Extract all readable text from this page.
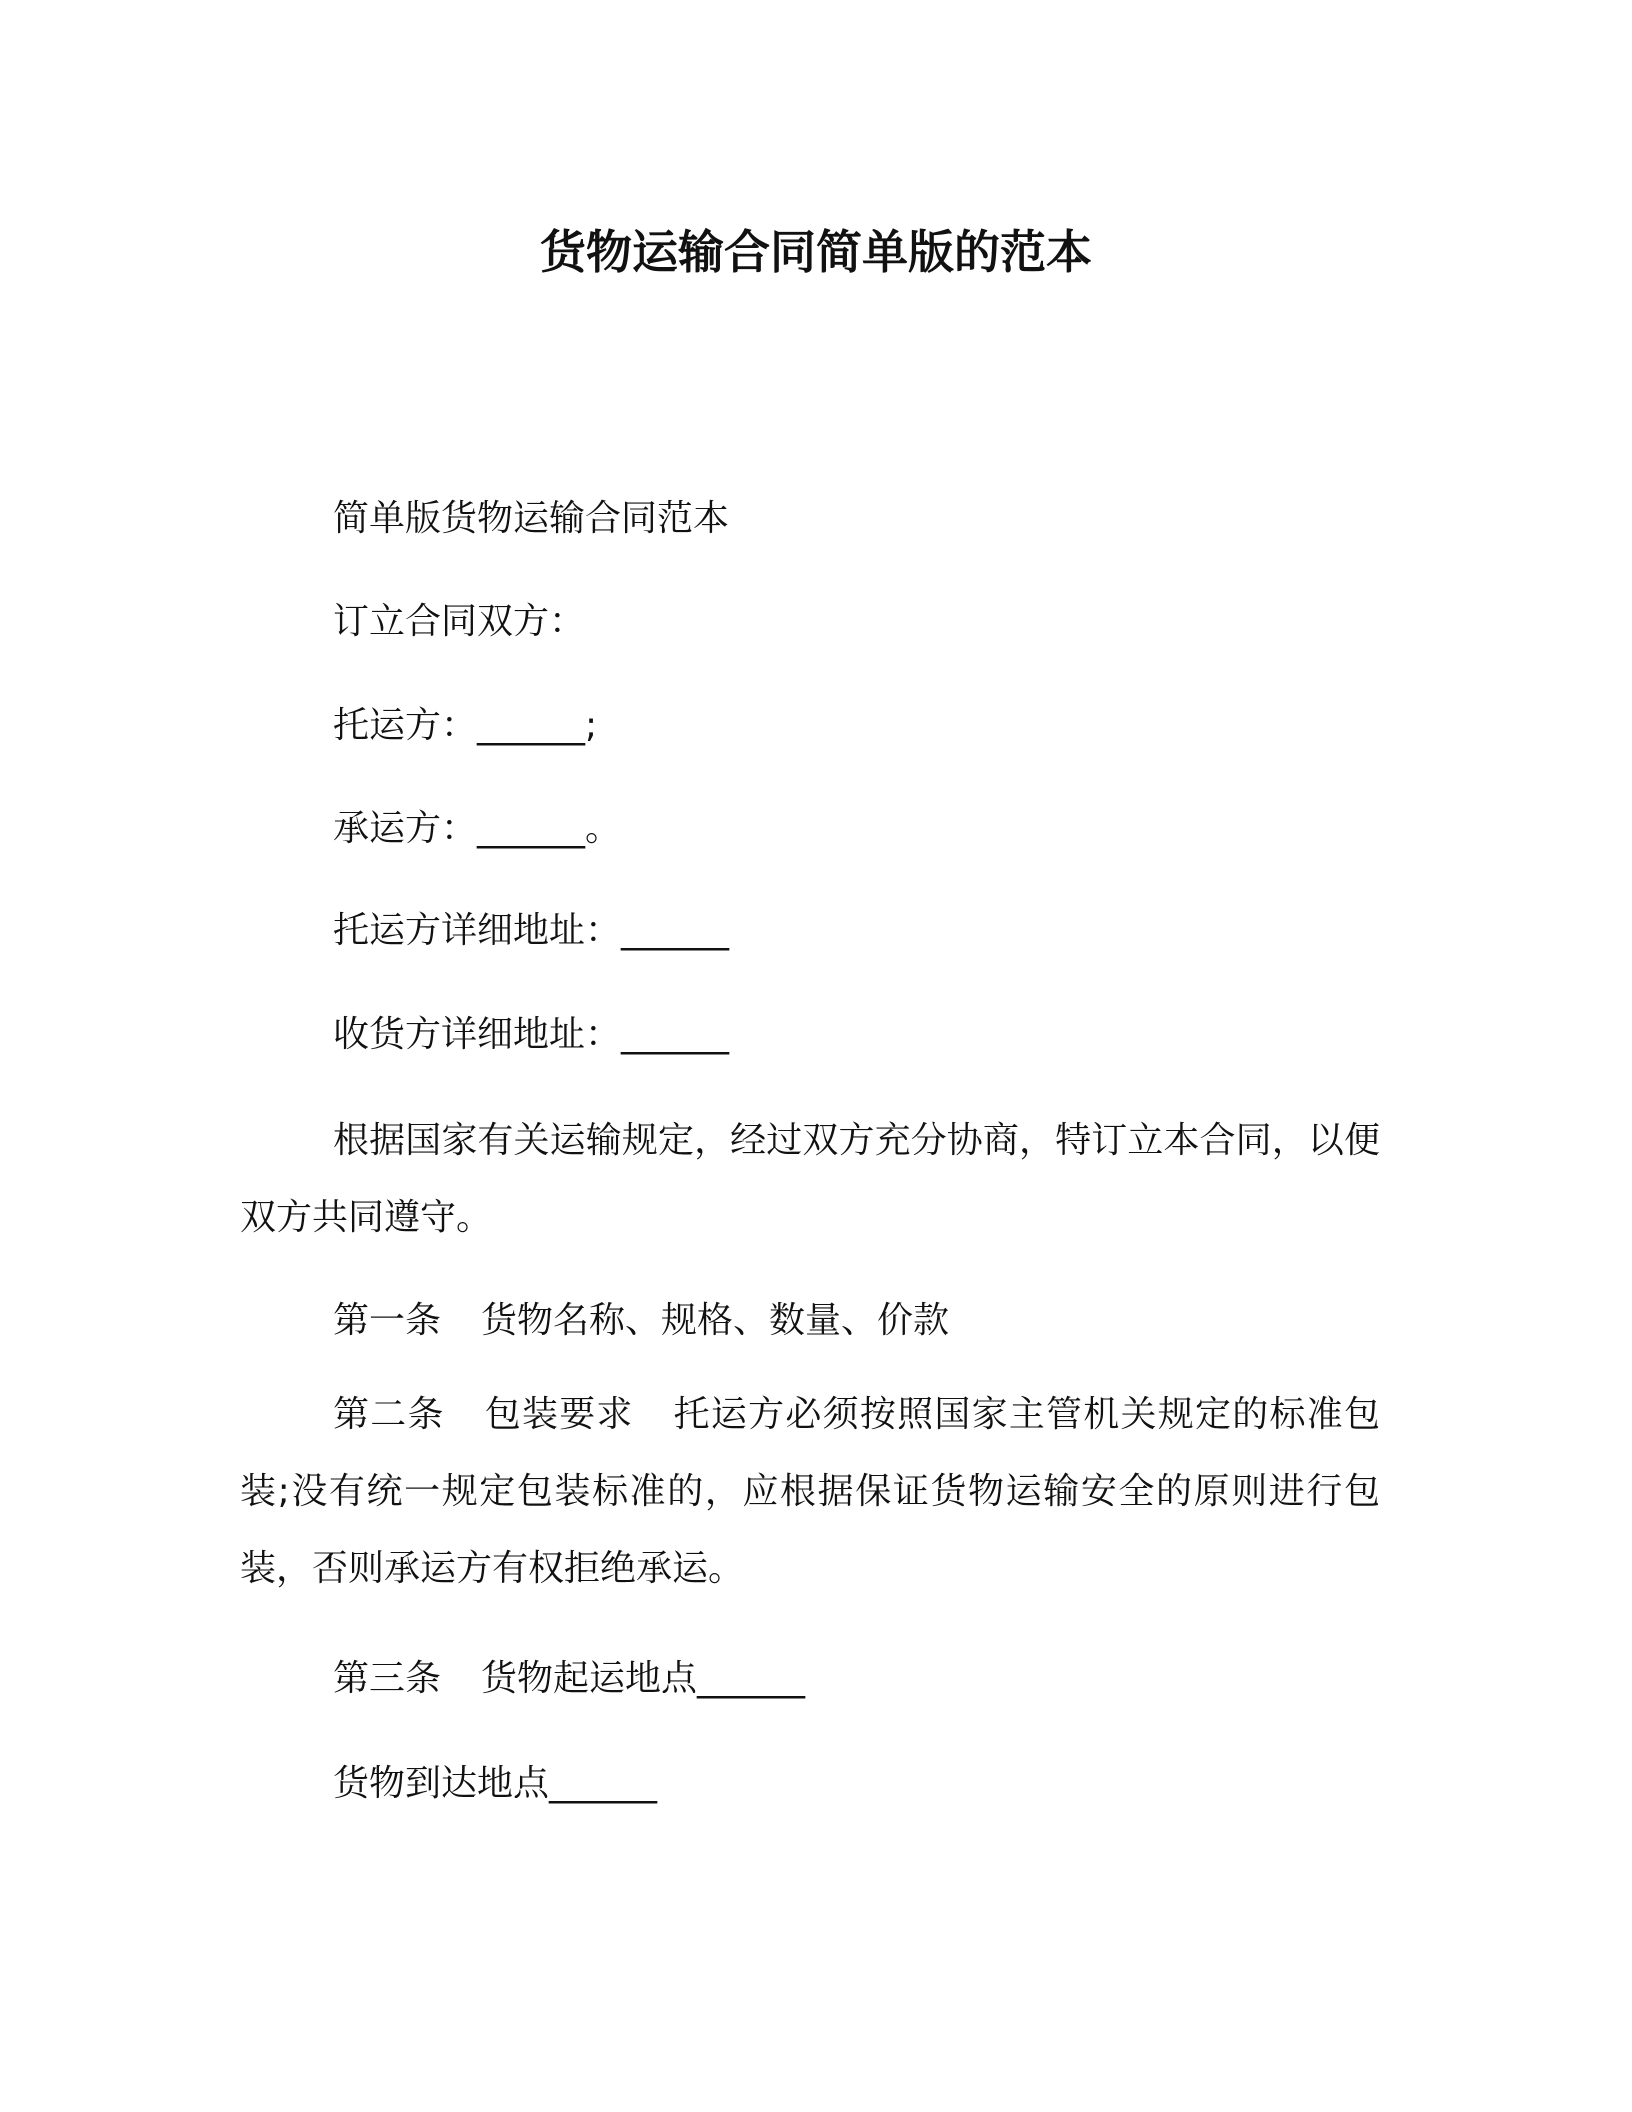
货物运输合同简单版的范本
简单版货物运输合同范本
订立合同双方：
托运方：______;
承运方：______。
托运方详细地址：______
收货方详细地址：______
根据国家有关运输规定，经过双方充分协商，特订立本合同，以便双方共同遵守。
第一条 货物名称、规格、数量、价款
第二条 包装要求 托运方必须按照国家主管机关规定的标准包装;没有统一规定包装标准的，应根据保证货物运输安全的原则进行包装，否则承运方有权拒绝承运。
第三条 货物起运地点______
货物到达地点______
